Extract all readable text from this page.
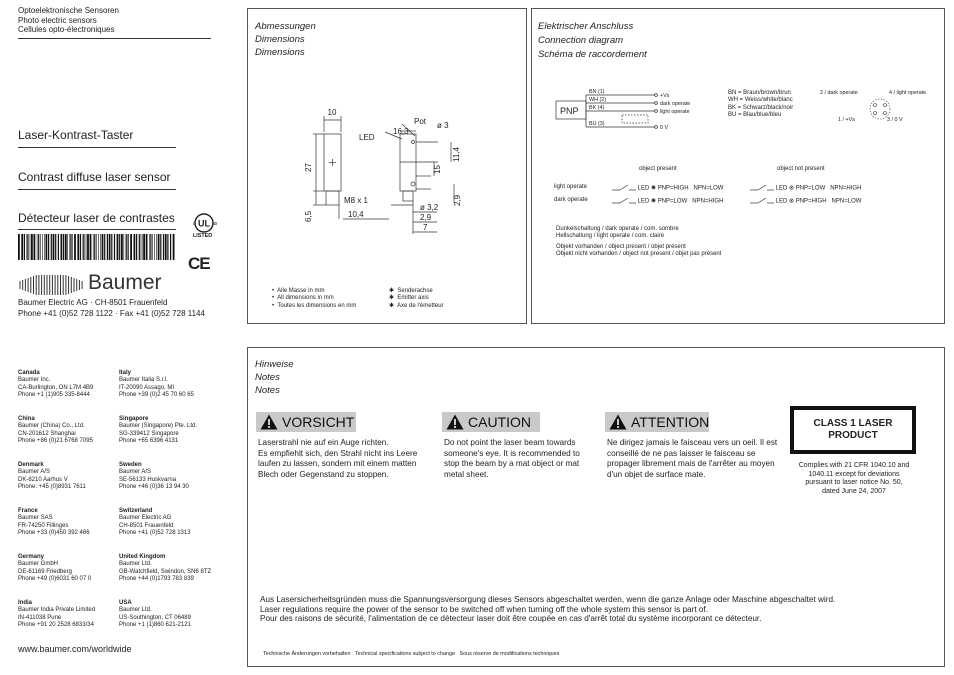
Optoelektronische Sensoren
Photo electric sensors
Cellules opto-électroniques
Laser-Kontrast-Taster
Contrast diffuse laser sensor
Détecteur laser de contrastes	UL
c	us
LISTED
CE
Baumer
Baumer Electric AG · CH-8501 Frauenfeld
Phone +41 (0)52 728 1122 · Fax +41 (0)52 728 1144
Canada
Baumer Inc.
CA-Burlington, ON L7M 4B9
Phone +1 (1)905 335-8444
Italy
Baumer Italia S.r.l.
IT-20090 Assago, MI
Phone +39 (0)2 45 70 60 65
China
Baumer (China) Co., Ltd.
CN-201612 Shanghai
Phone +86 (0)21 6768 7095
Singapore
Baumer (Singapore) Pte. Ltd.
SG-339412 Singapore
Phone +65 6396 4131
Denmark
Baumer A/S
DK-8210 Aarhus V
Phone: +45 (0)8931 7611
Sweden
Baumer A/S
SE-56133 Huskvarna
Phone +46 (0)36 13 94 30
France
Baumer SAS
FR-74250 Fillinges
Phone +33 (0)450 392 466
Switzerland
Baumer Electric AG
CH-8501 Frauenfeld
Phone +41 (0)52 728 1313
Germany
Baumer GmbH
DE-61169 Friedberg
Phone +49 (0)6031 60 07 0
United Kingdom
Baumer Ltd.
GB-Watchfield, Swindon, SN6 8TZ
Phone +44 (0)1793 783 839
India
Baumer India Private Limited
IN-411038 Pune
Phone +91 20 2528 6833/34
USA
Baumer Ltd.
US-Southington, CT 06489
Phone +1 (1)860 621-2121
www.baumer.com/worldwide
Abmessungen
Dimensions
Dimensions
10
Pot ø 3
LED
16,3
27	15
11,4
M8 x 1
6,5	10,4
ø 3,2
2,9
2,9
7
•  Alle Masse in mm
•  All dimensions in mm
•  Toutes les dimensions en mm
✱  Senderachse
✱  Emitter axis
✱  Axe de l'émetteur
Elektrischer Anschluss
Connection diagram
Schéma de raccordement
PNP
BN (1)
WH (2)
BK (4)
BU (3)
+Vs
dark operate
light operate
0 V
BN = Braun/brown/brun
WH = Weiss/white/blanc
BK = Schwarz/black/noir
BU = Blau/blue/bleu
2 / dark operate	4 / light operate
1 / +Vs	3 / 0 V
object present	object not present
light operate
dark operate
Dunkelschaltung / dark operate / com. sombre
Hellschaltung / light operate / com. claire
Objekt vorhanden / object present / objet présent
Objekt nicht vorhanden / object not present / objet pas présent
LED ✺ PNP=HIGH   NPN=LOW	LED ⊗ PNP=LOW   NPN=HIGH
LED ✺ PNP=LOW   NPN=HIGH	LED ⊗ PNP=HIGH   NPN=LOW
Hinweise
Notes
Notes
CLASS 1 LASER PRODUCT
Complies with 21 CFR 1040.10 and 1040.11 except for deviations pursuant to laser notice No. 50, dated June 24, 2007
Aus Lasersicherheitsgründen muss die Spannungsversorgung dieses Sensors abgeschaltet werden, wenn die ganze Anlage oder Maschine abgeschaltet wird.
Laser regulations require the power of the sensor to be switched off when turning off the whole system this sensor is part of.
Pour des raisons de sécurité, l'alimentation de ce détecteur laser doit être coupée en cas d'arrêt total du système incorporant ce détecteur.
Technische Änderungen vorbehalten   Technical specifications subject to change   Sous réserve de modifications techniques
VORSICHT
Laserstrahl nie auf ein Auge richten.
Es empfiehlt sich, den Strahl nicht ins Leere laufen zu lassen, sondern mit einem matten Blech oder Gegenstand zu stoppen.
CAUTION
Do not point the laser beam towards someone's eye. It is recommended to stop the beam by a mat object or mat metal sheet.
ATTENTION
Ne dirigez jamais le faisceau vers un oeil. Il est conseillé de ne pas laisser le faisceau se propager librement mais de l'arrêter au moyen d'un objet de surface mate.
